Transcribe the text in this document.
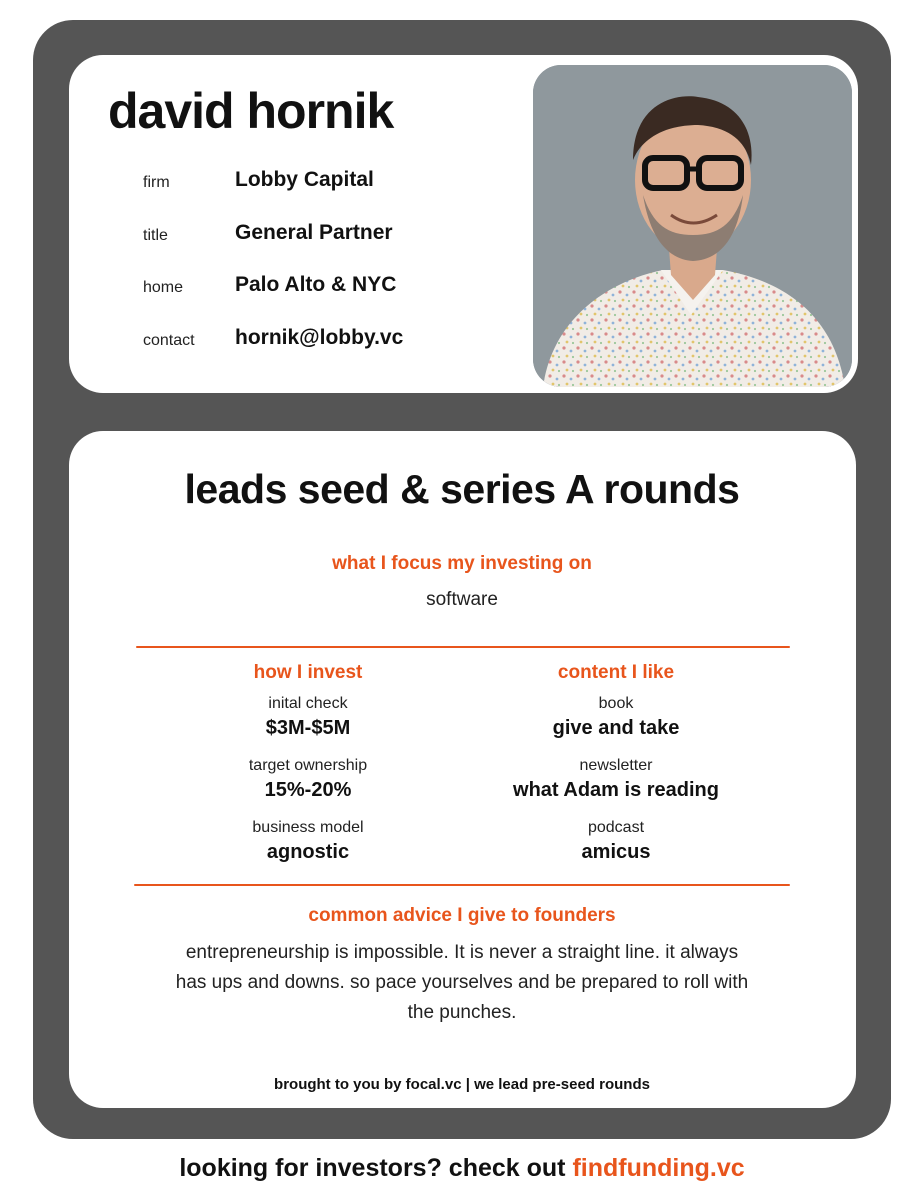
david hornik
firm	Lobby Capital
title	General Partner
home Palo Alto & NYC
contact hornik@lobby.vc
leads seed & series A rounds
what I focus my investing on
software
how I invest
inital check
$3M-$5M
target ownership
15%-20%
business model
agnostic
content I like
book
give and take
newsletter
what Adam is reading
podcast
amicus
common advice I give to founders
entrepreneurship is impossible. It is never a straight line. it always has ups and downs. so pace yourselves and be prepared to roll with the punches.
brought to you by focal.vc | we lead pre-seed rounds
looking for investors? check out findfunding.vc
